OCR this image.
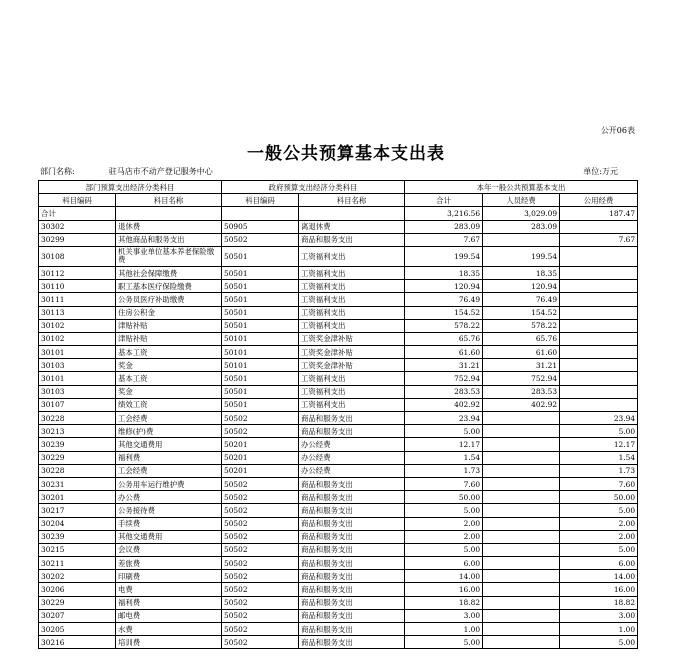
公开06表
一般公共预算基本支出表
部门名称:	驻马店市不动产登记服务中心	单位:万元
部门预算支出经济分类科目		政府预算支出经济分类科目		本年一般公共预算基本支出		
科目编码	科目名称	科目编码	科目名称	合计	人员经费	公用经费
合计				3,216.56	3,029.09	187.47
30302	退休费	50905	离退休费	283.09	283.09	
30299	其他商品和服务支出	50502	商品和服务支出	7.67		7.67
30108	机关事业单位基本养老保险缴费	50501	工资福利支出	199.54	199.54	
30112	其他社会保障缴费	50501	工资福利支出	18.35	18.35	
30110	职工基本医疗保险缴费	50501	工资福利支出	120.94	120.94	
30111	公务员医疗补助缴费	50501	工资福利支出	76.49	76.49	
30113	住房公积金	50501	工资福利支出	154.52	154.52	
30102	津贴补贴	50501	工资福利支出	578.22	578.22	
30102	津贴补贴	50101	工资奖金津补贴	65.76	65.76	
30101	基本工资	50101	工资奖金津补贴	61.60	61.60	
30103	奖金	50101	工资奖金津补贴	31.21	31.21	
30101	基本工资	50501	工资福利支出	752.94	752.94	
30103	奖金	50501	工资福利支出	283.53	283.53	
30107	绩效工资	50501	工资福利支出	402.92	402.92	
30228	工会经费	50502	商品和服务支出	23.94		23.94
30213	维修(护)费	50502	商品和服务支出	5.00		5.00
30239	其他交通费用	50201	办公经费	12.17		12.17
30229	福利费	50201	办公经费	1.54		1.54
30228	工会经费	50201	办公经费	1.73		1.73
30231	公务用车运行维护费	50502	商品和服务支出	7.60		7.60
30201	办公费	50502	商品和服务支出	50.00		50.00
30217	公务接待费	50502	商品和服务支出	5.00		5.00
30204	手续费	50502	商品和服务支出	2.00		2.00
30239	其他交通费用	50502	商品和服务支出	2.00		2.00
30215	会议费	50502	商品和服务支出	5.00		5.00
30211	差旅费	50502	商品和服务支出	6.00		6.00
30202	印刷费	50502	商品和服务支出	14.00		14.00
30206	电费	50502	商品和服务支出	16.00		16.00
30229	福利费	50502	商品和服务支出	18.82		18.82
30207	邮电费	50502	商品和服务支出	3.00		3.00
30205	水费	50502	商品和服务支出	1.00		1.00
30216	培训费	50502	商品和服务支出	5.00		5.00
